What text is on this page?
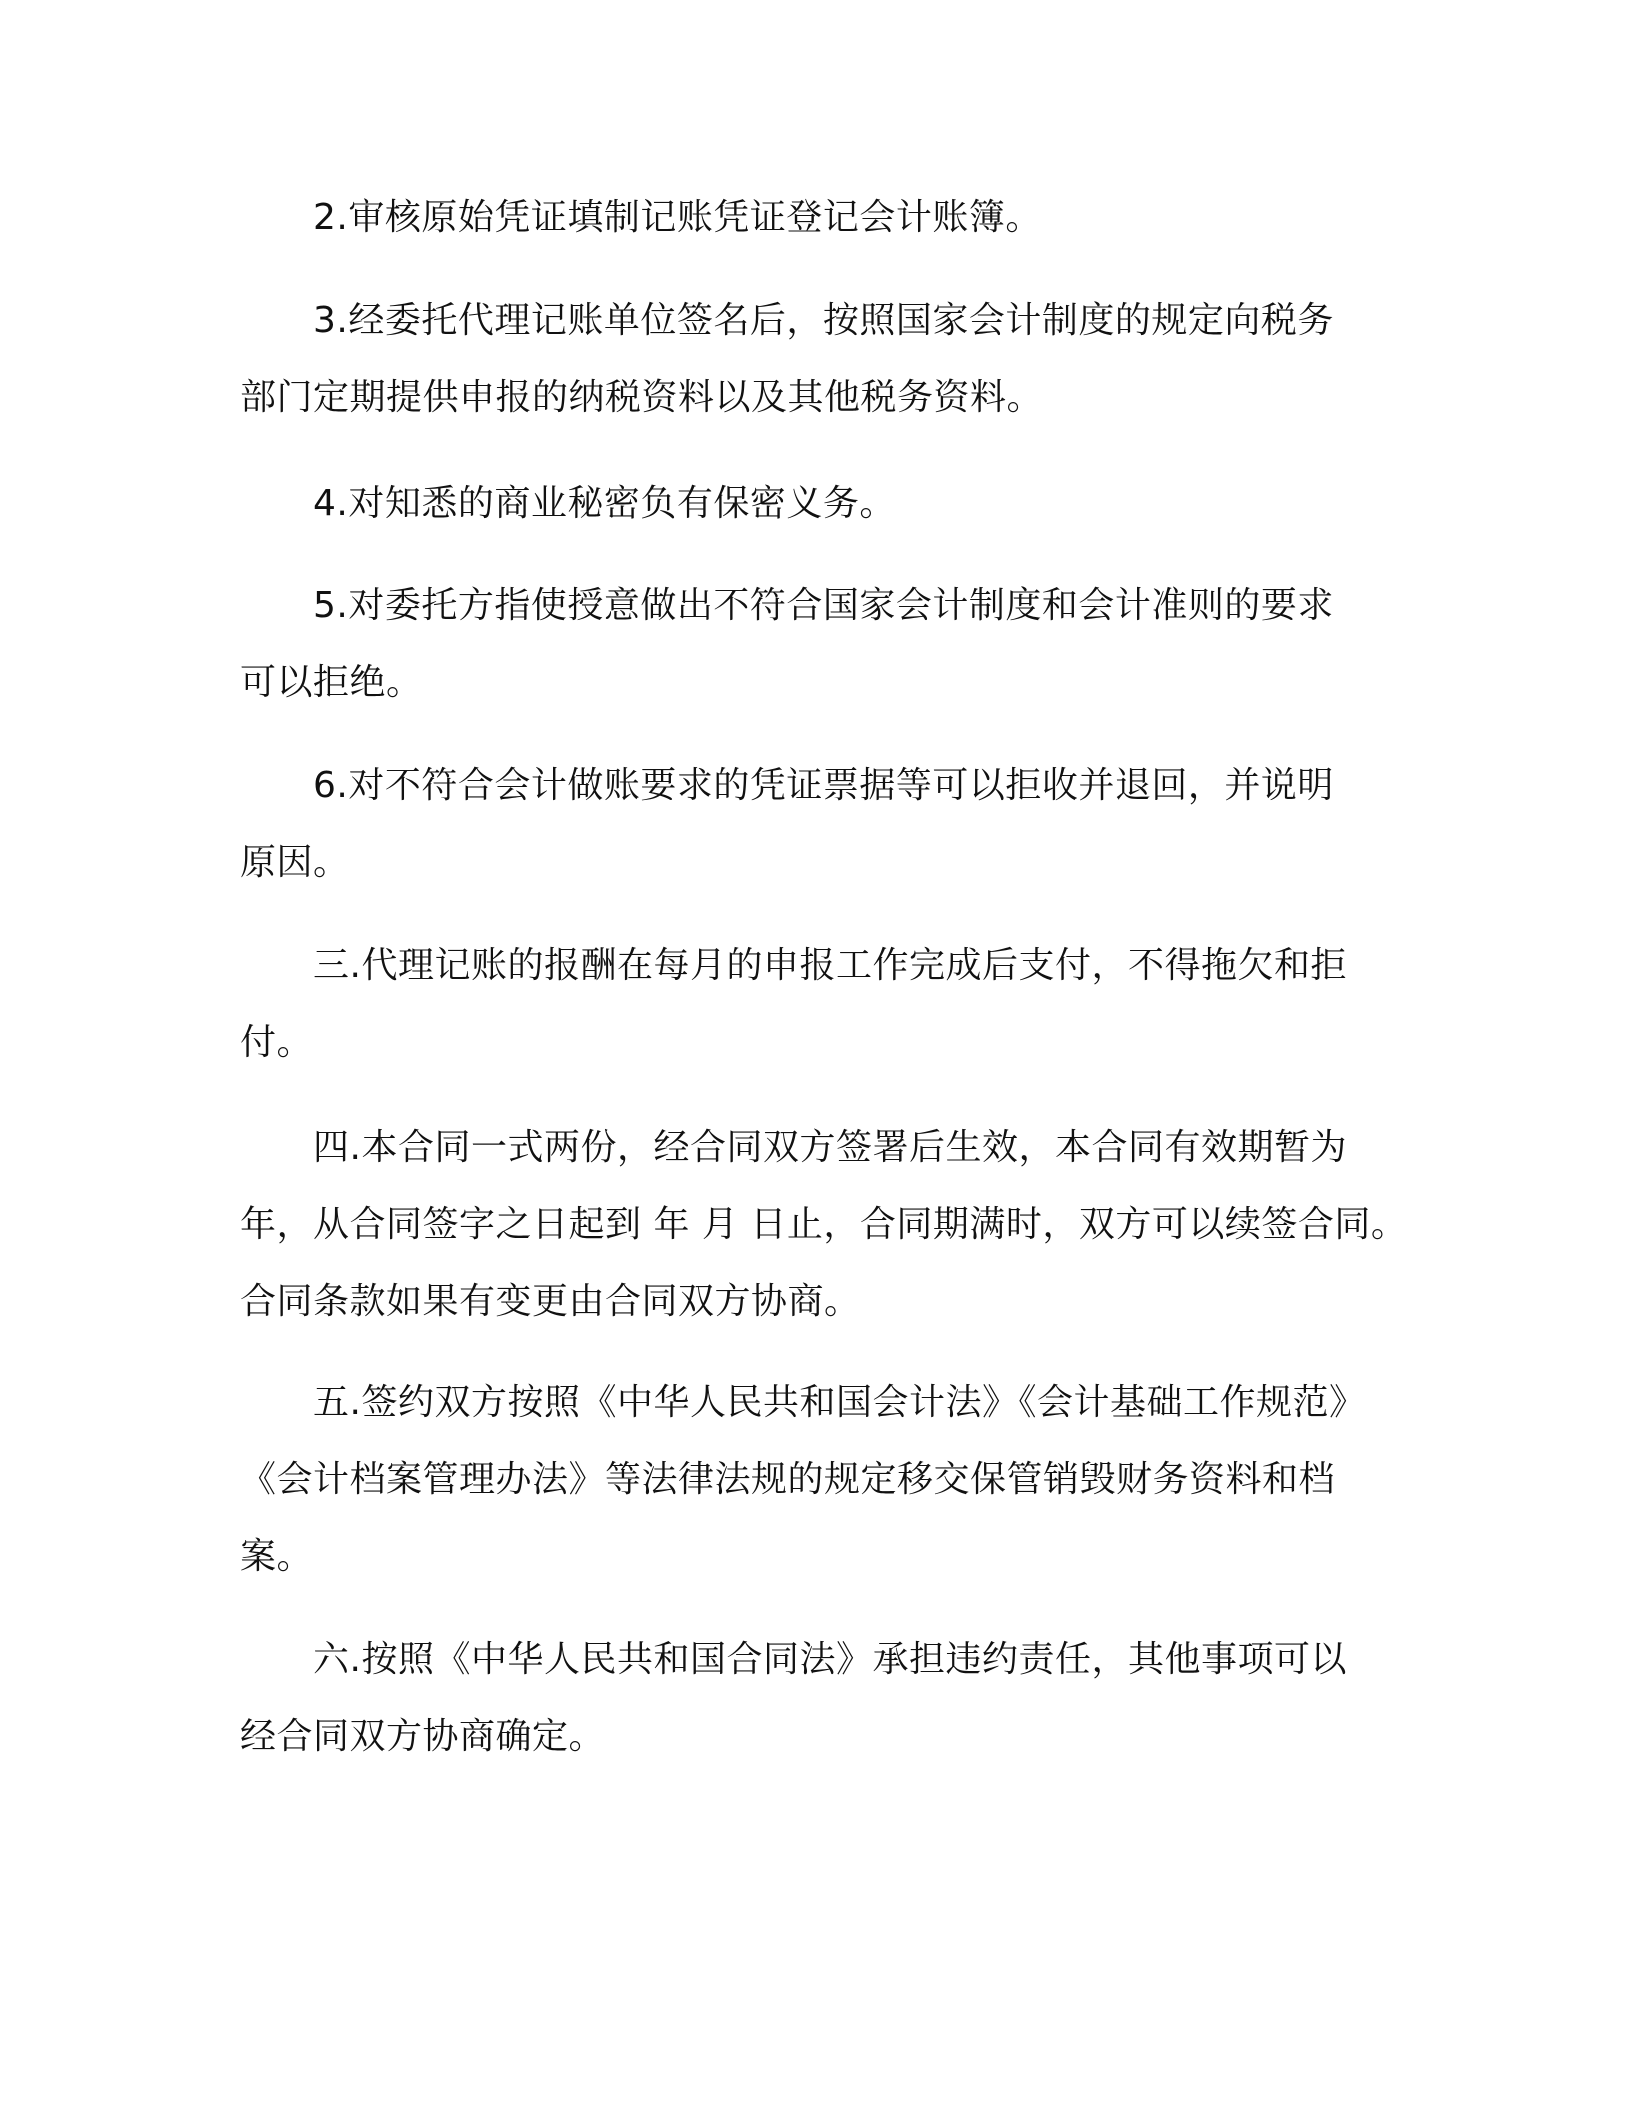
2.审核原始凭证填制记账凭证登记会计账簿。
3.经委托代理记账单位签名后，按照国家会计制度的规定向税务
部门定期提供申报的纳税资料以及其他税务资料。
4.对知悉的商业秘密负有保密义务。
5.对委托方指使授意做出不符合国家会计制度和会计准则的要求
可以拒绝。
6.对不符合会计做账要求的凭证票据等可以拒收并退回，并说明
原因。
三.代理记账的报酬在每月的申报工作完成后支付，不得拖欠和拒
付。
四.本合同一式两份，经合同双方签署后生效，本合同有效期暂为
年，从合同签字之日起到 年 月 日止，合同期满时，双方可以续签合同。
合同条款如果有变更由合同双方协商。
五.签约双方按照《中华人民共和国会计法》《会计基础工作规范》
《会计档案管理办法》等法律法规的规定移交保管销毁财务资料和档
案。
六.按照《中华人民共和国合同法》承担违约责任，其他事项可以
经合同双方协商确定。
